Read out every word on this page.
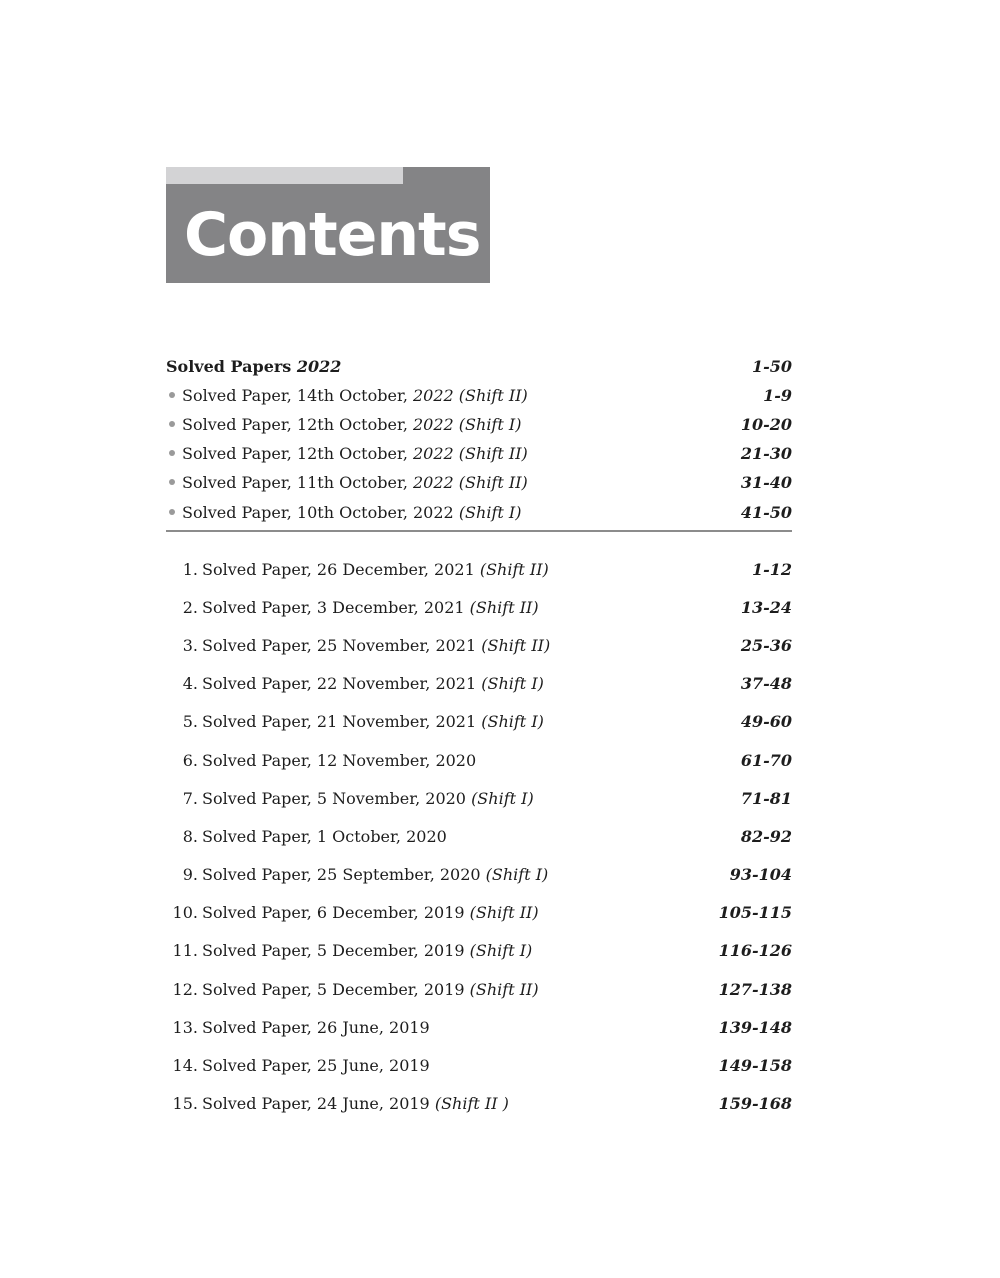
Contents
Solved Papers 2022	1-50
Solved Paper, 14th October, 2022 (Shift II)	1-9
Solved Paper, 12th October, 2022 (Shift I)	10-20
Solved Paper, 12th October, 2022 (Shift II)	21-30
Solved Paper, 11th October, 2022 (Shift II)	31-40
Solved Paper, 10th October, 2022 (Shift I)	41-50
1. Solved Paper, 26 December, 2021 (Shift II)	1-12
2. Solved Paper, 3 December, 2021 (Shift II)	13-24
3. Solved Paper, 25 November, 2021 (Shift II)	25-36
4. Solved Paper, 22 November, 2021 (Shift I)	37-48
5. Solved Paper, 21 November, 2021 (Shift I)	49-60
6. Solved Paper, 12 November, 2020	61-70
7. Solved Paper, 5 November, 2020 (Shift I)	71-81
8. Solved Paper, 1 October, 2020	82-92
9. Solved Paper, 25 September, 2020 (Shift I)	93-104
10. Solved Paper, 6 December, 2019 (Shift II)	105-115
11. Solved Paper, 5 December, 2019 (Shift I)	116-126
12. Solved Paper, 5 December, 2019 (Shift II)	127-138
13. Solved Paper, 26 June, 2019	139-148
14. Solved Paper, 25 June, 2019	149-158
15. Solved Paper, 24 June, 2019 (Shift II )	159-168
